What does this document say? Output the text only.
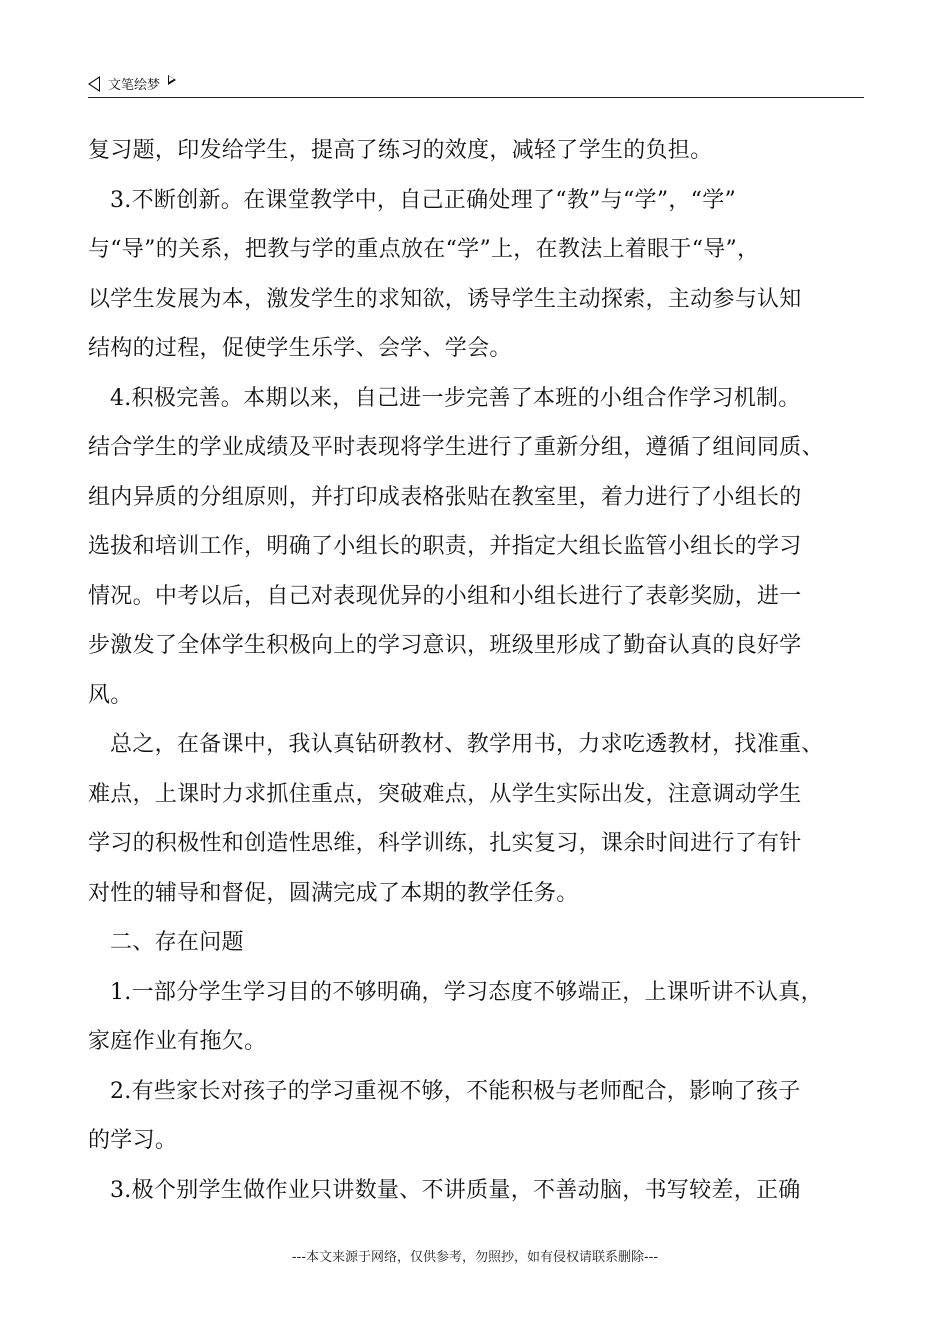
文笔绘梦

复习题，印发给学生，提高了练习的效度，减轻了学生的负担。

3.不断创新。在课堂教学中，自己正确处理了“教”与“学”，“学”

与“导”的关系，把教与学的重点放在“学”上，在教法上着眼于“导”，

以学生发展为本，激发学生的求知欲，诱导学生主动探索，主动参与认知

结构的过程，促使学生乐学、会学、学会。

4.积极完善。本期以来，自己进一步完善了本班的小组合作学习机制。

结合学生的学业成绩及平时表现将学生进行了重新分组，遵循了组间同质、

组内异质的分组原则，并打印成表格张贴在教室里，着力进行了小组长的

选拔和培训工作，明确了小组长的职责，并指定大组长监管小组长的学习

情况。中考以后，自己对表现优异的小组和小组长进行了表彰奖励，进一

步激发了全体学生积极向上的学习意识，班级里形成了勤奋认真的良好学

风。

总之，在备课中，我认真钻研教材、教学用书，力求吃透教材，找准重、

难点，上课时力求抓住重点，突破难点，从学生实际出发，注意调动学生

学习的积极性和创造性思维，科学训练，扎实复习，课余时间进行了有针

对性的辅导和督促，圆满完成了本期的教学任务。

二、存在问题

1.一部分学生学习目的不够明确，学习态度不够端正，上课听讲不认真，

家庭作业有拖欠。

2.有些家长对孩子的学习重视不够，不能积极与老师配合，影响了孩子

的学习。

3.极个别学生做作业只讲数量、不讲质量，不善动脑，书写较差，正确

---本文来源于网络，仅供参考，勿照抄，如有侵权请联系删除---
